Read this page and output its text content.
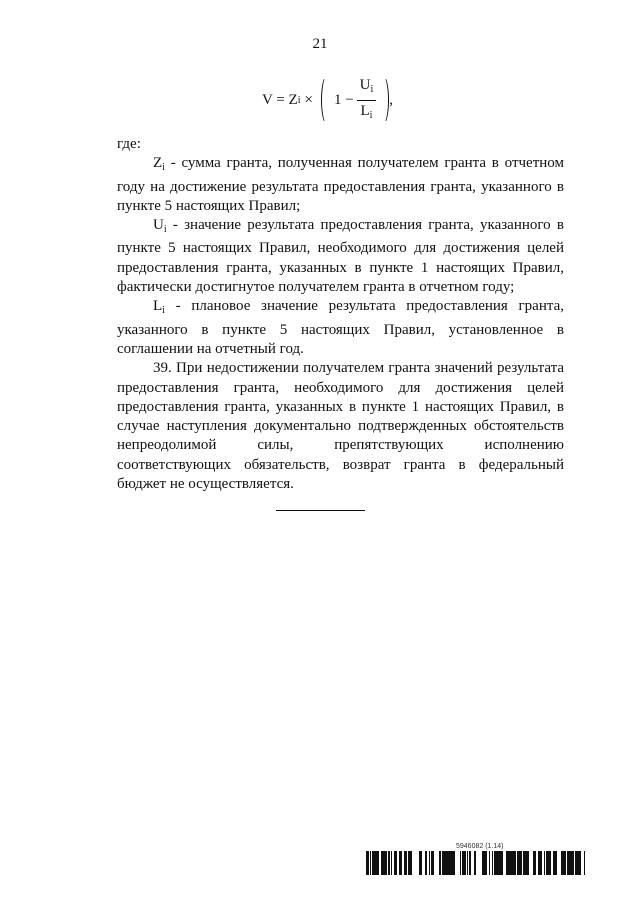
21
V = Z $i \times 1 - \frac{U_i}{L_i}$ ,

где:

$Z_i$ - сумма гранта, полученная получателем гранта в отчетном году на достижение результата предоставления гранта, указанного в пункте 5 настоящих Правил;

$U_i$ - значение результата предоставления гранта, указанного в пункте 5 настоящих Правил, необходимого для достижения целей предоставления гранта, указанных в пункте 1 настоящих Правил, фактически достигнутое получателем гранта в отчетном году;

$L_i$ - плановое значение результата предоставления гранта, указанного в пункте 5 настоящих Правил, установленное в соглашении на отчетный год.

39. При недостижении получателем гранта значений результата предоставления гранта, необходимого для достижения целей предоставления гранта, указанных в пункте 1 настоящих Правил, в случае наступления документально подтвержденных обстоятельств непреодолимой силы, препятствующих исполнению соответствующих обязательств, возврат гранта в федеральный бюджет не осуществляется.

5946082 (1.14)
